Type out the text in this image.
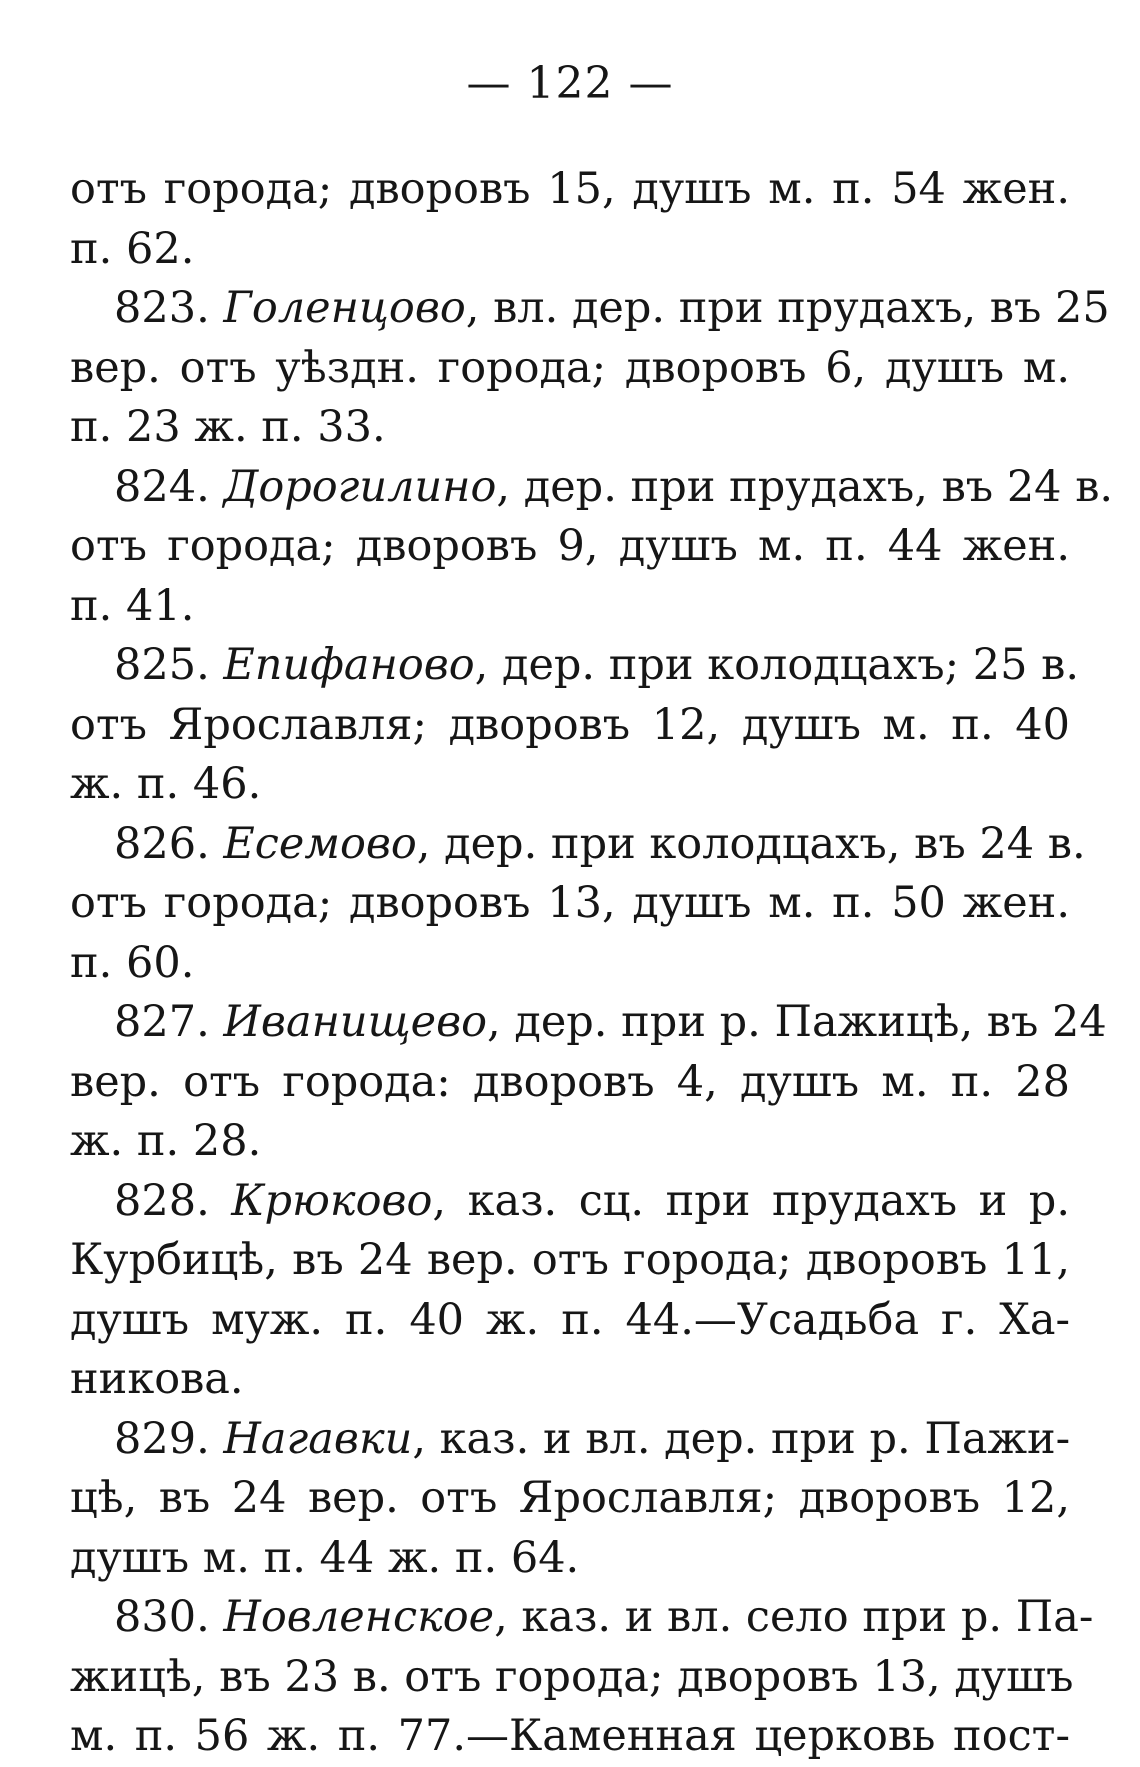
— 122 —
отъ города; дворовъ 15, душъ м. п. 54 жен.
п. 62.
823. Голенцово, вл. дер. при прудахъ, въ 25
вер. отъ уѣздн. города; дворовъ 6, душъ м.
п. 23 ж. п. 33.
824. Дорогилино, дер. при прудахъ, въ 24 в.
отъ города; дворовъ 9, душъ м. п. 44 жен.
п. 41.
825. Епифаново, дер. при колодцахъ; 25 в.
отъ Ярославля; дворовъ 12, душъ м. п. 40
ж. п. 46.
826. Есемово, дер. при колодцахъ, въ 24 в.
отъ города; дворовъ 13, душъ м. п. 50 жен.
п. 60.
827. Иванищево, дер. при р. Пажицѣ, въ 24
вер. отъ города: дворовъ 4, душъ м. п. 28
ж. п. 28.
828. Крюково, каз. сц. при прудахъ и р.
Курбицѣ, въ 24 вер. отъ города; дворовъ 11,
душъ муж. п. 40 ж. п. 44.—Усадьба г. Ха-
никова.
829. Нагавки, каз. и вл. дер. при р. Пажи-
цѣ, въ 24 вер. отъ Ярославля; дворовъ 12,
душъ м. п. 44 ж. п. 64.
830. Новленское, каз. и вл. село при р. Па-
жицѣ, въ 23 в. отъ города; дворовъ 13, душъ
м. п. 56 ж. п. 77.—Каменная церковь пост-
